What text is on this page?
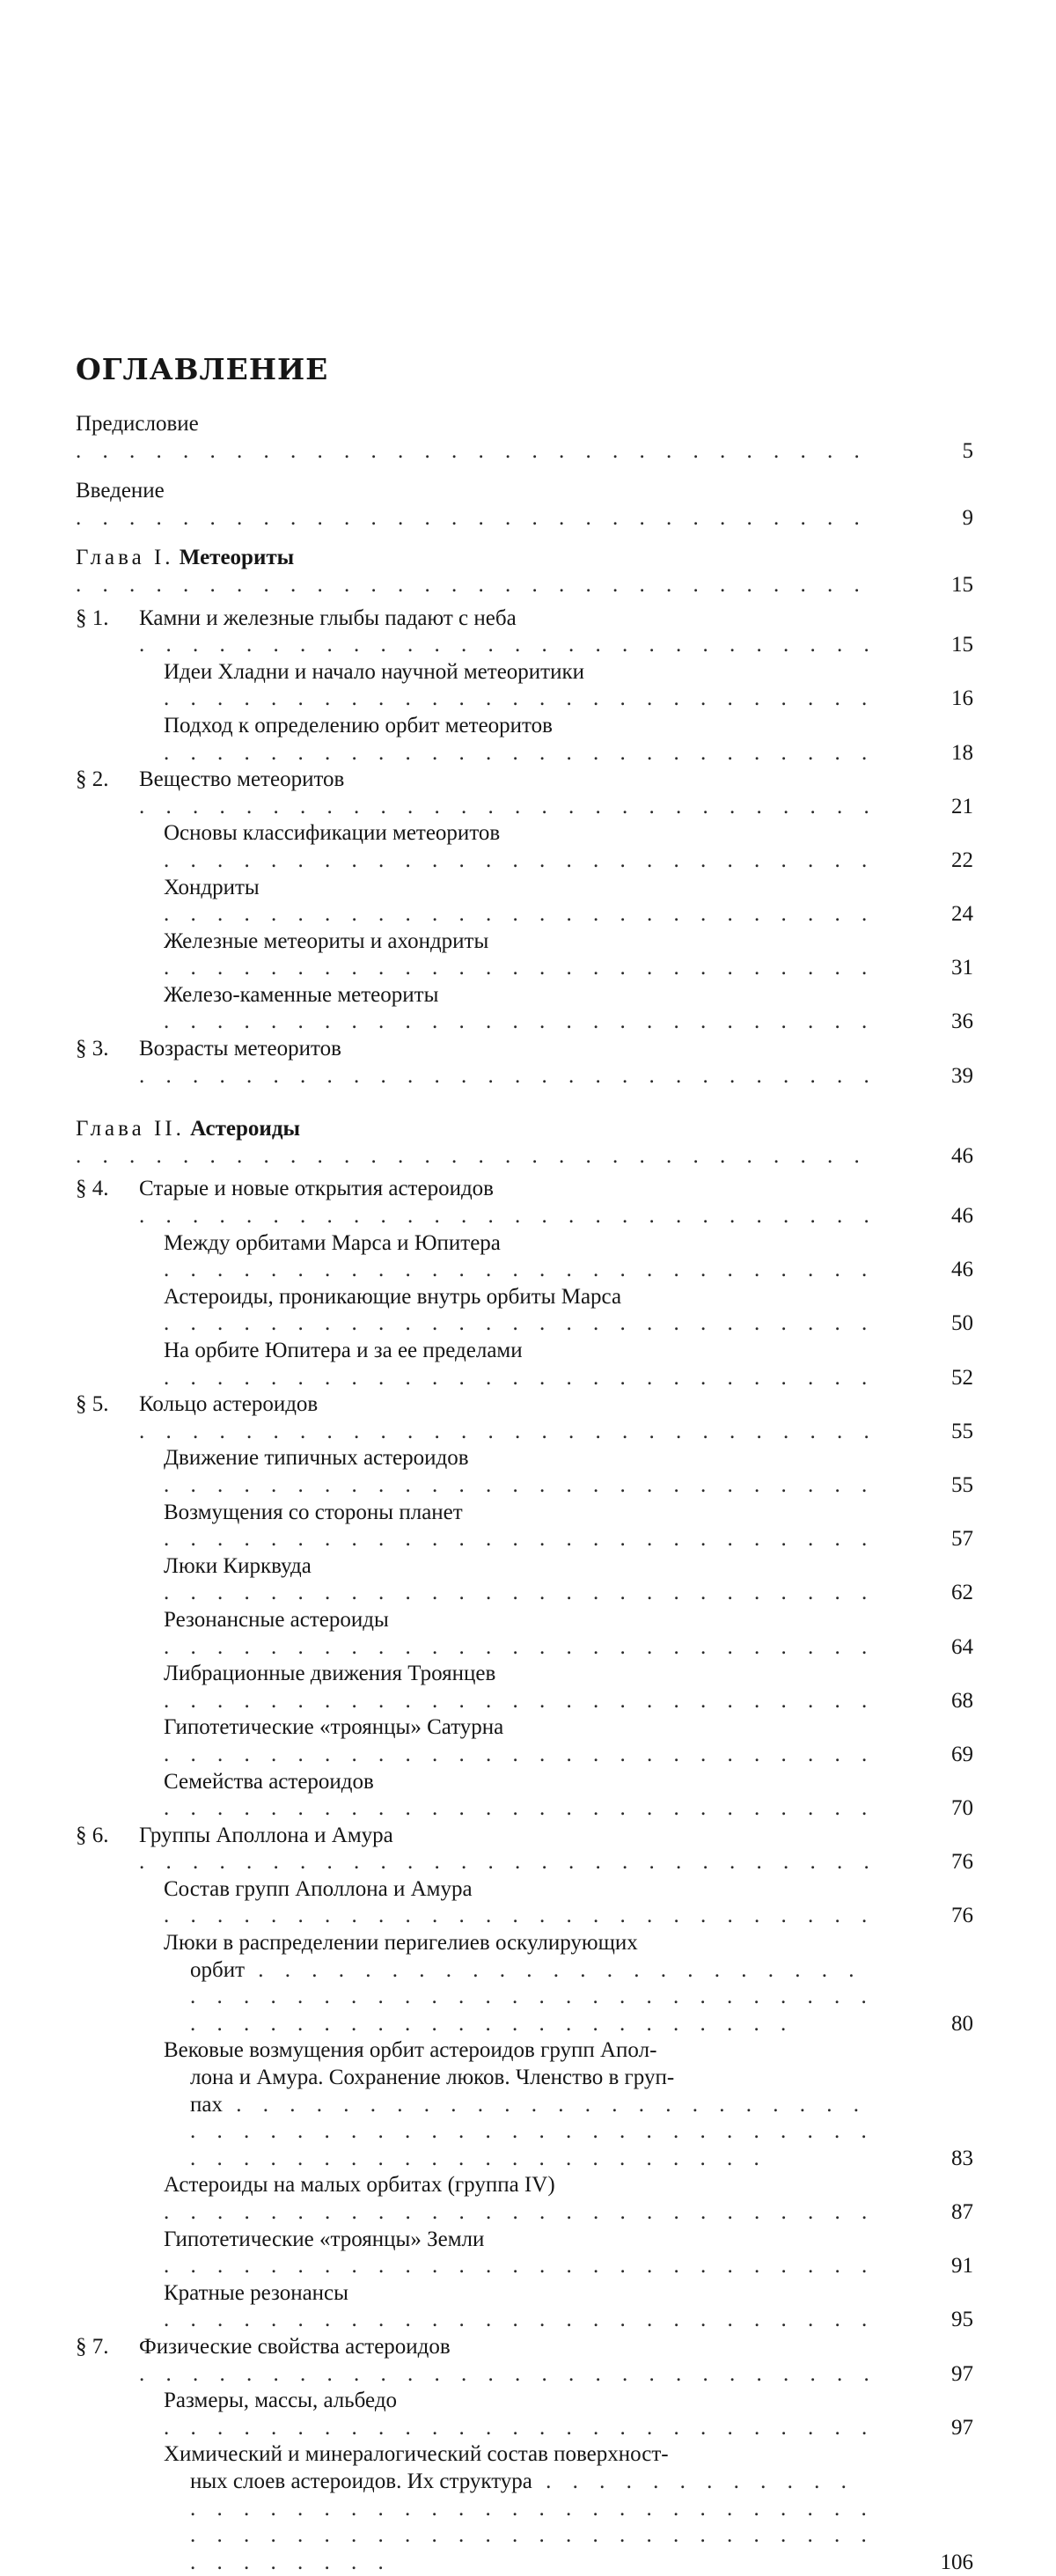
ОГЛАВЛЕНИЕ
Предисловие . . .
5
Введение . . .
9
Глава I. Метеориты . . .
15
§ 1.	Камни и железные глыбы падают с неба . . .
15
Идеи Хладни и начало научной метеоритики . . .
16
Подход к определению орбит метеоритов . . .
18
§ 2.	Вещество метеоритов . . .
21
Основы классификации метеоритов . . .
22
Хондриты . . .
24
Железные метеориты и ахондриты . . .
31
Железо-каменные метеориты . . .
36
§ 3.	Возрасты метеоритов . . .
39
Глава II. Астероиды . . .
46
§ 4.	Старые и новые открытия астероидов . . .
46
Между орбитами Марса и Юпитера . . .
46
Астероиды, проникающие внутрь орбиты Марса . . .
50
На орбите Юпитера и за ее пределами . . .
52
§ 5.	Кольцо астероидов . . .
55
Движение типичных астероидов . . .
55
Возмущения со стороны планет . . .
57
Люки Кирквуда . . .
62
Резонансные астероиды . . .
64
Либрационные движения Троянцев . . .
68
Гипотетические «троянцы» Сатурна . . .
69
Семейства астероидов . . .
70
§ 6.	Группы Аполлона и Амура . . .
76
Состав групп Аполлона и Амура . . .
76
Люки в распределении перигелиев оскулирующих
орбит . . .
80
Вековые возмущения орбит астероидов групп Апол-
лона и Амура. Сохранение люков. Членство в груп-
пах . . .
83
Астероиды на малых орбитах (группа IV) . . .
87
Гипотетические «троянцы» Земли . . .
91
Кратные резонансы . . .
95
§ 7.	Физические свойства астероидов . . .
97
Размеры, массы, альбедо . . .
97
Химический и минералогический состав поверхност-
ных слоев астероидов. Их структура . . .
106
